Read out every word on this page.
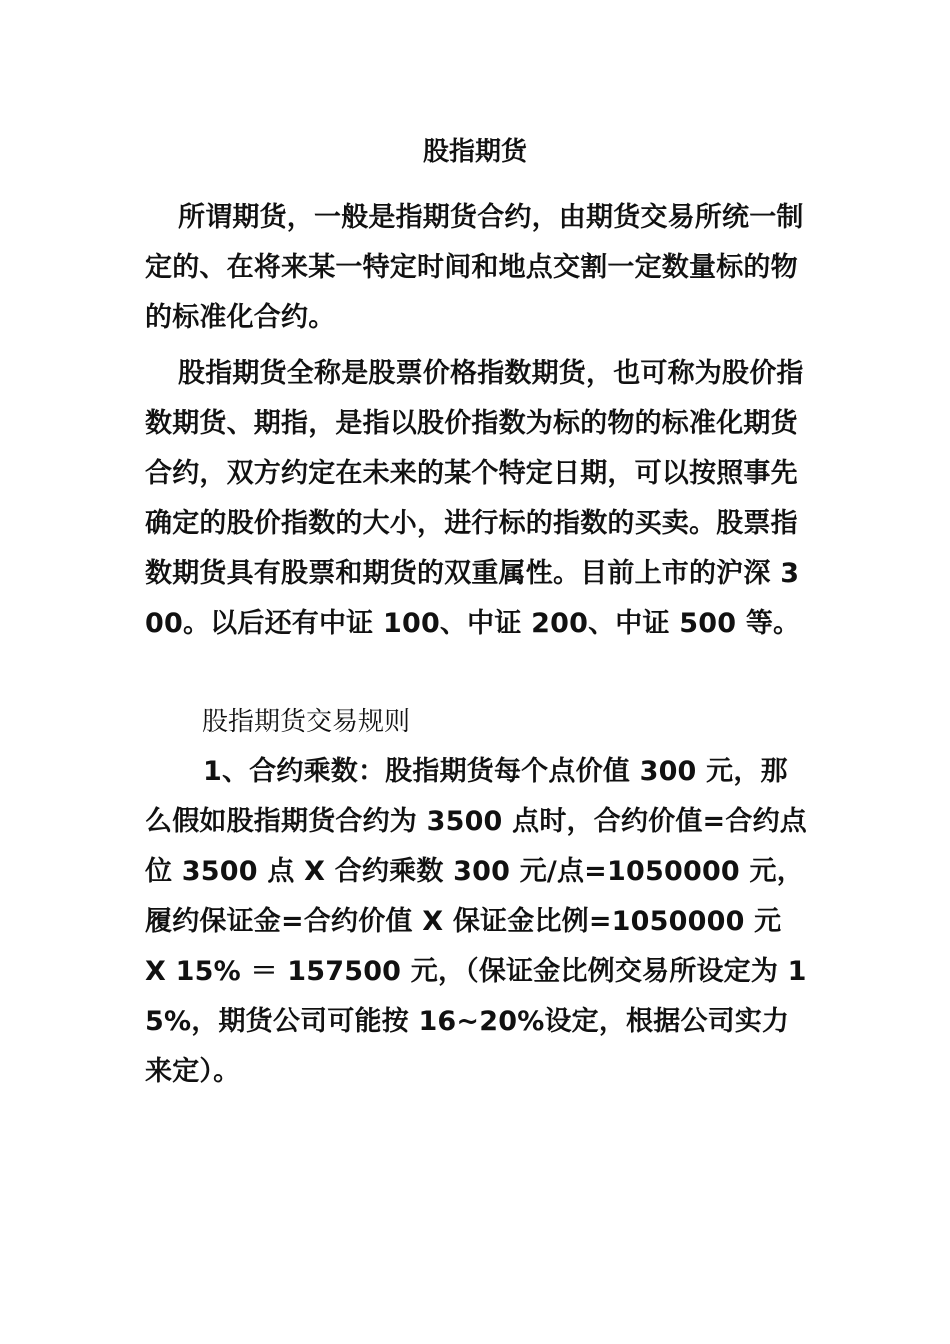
股指期货

所谓期货，一般是指期货合约，由期货交易所统一制定的、在将来某一特定时间和地点交割一定数量标的物的标准化合约。

股指期货全称是股票价格指数期货，也可称为股价指数期货、期指，是指以股价指数为标的物的标准化期货合约，双方约定在未来的某个特定日期，可以按照事先确定的股价指数的大小，进行标的指数的买卖。股票指数期货具有股票和期货的双重属性。目前上市的沪深 300。以后还有中证 100、中证 200、中证 500 等。

股指期货交易规则

1、合约乘数：股指期货每个点价值 300 元，那么假如股指期货合约为 3500 点时，合约价值=合约点位 3500 点 X 合约乘数 300 元/点=1050000 元，履约保证金=合约价值 X 保证金比例=1050000 元 X 15% ＝ 157500 元，（保证金比例交易所设定为 15%，期货公司可能按 16~20%设定，根据公司实力来定）。
